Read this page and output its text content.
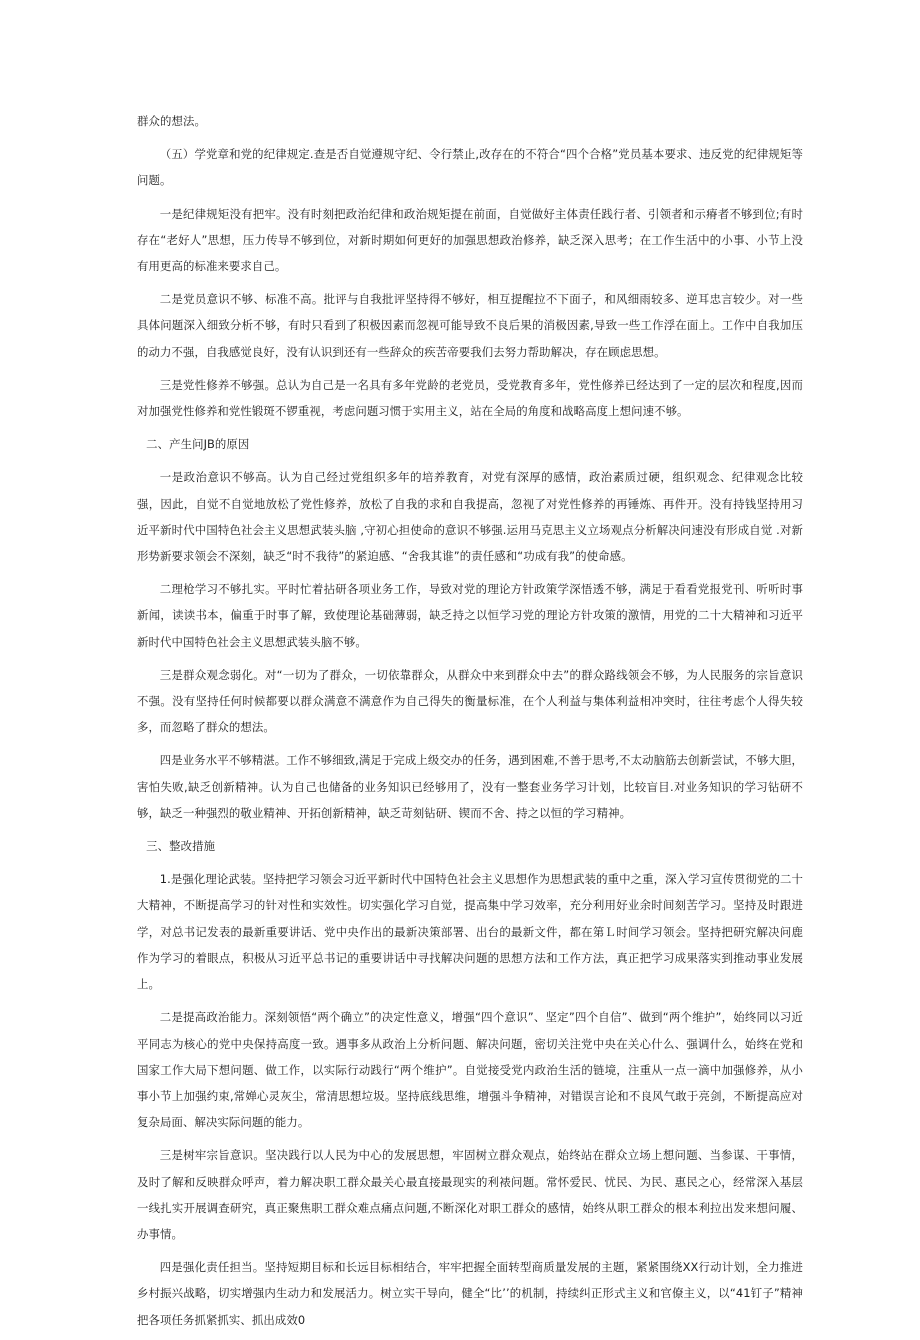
群众的想法。

（五）学党章和党的纪律规定.查是否自觉遵规守纪、令行禁止,改存在的不符合“四个合格”党员基本要求、违反党的纪律规矩等问题。

一是纪律规矩没有把牢。没有时刻把政治纪律和政治规矩提在前面，自觉做好主体责任践行者、引领者和示瘠者不够到位;有时存在“老好人”思想，压力传导不够到位，对新时期如何更好的加强思想政治修养，缺乏深入思考；在工作生活中的小事、小节上没有用更高的标准来要求自己。

二是党员意识不够、标准不高。批评与自我批评坚持得不够好，相互提醒拉不下面子，和风细雨较多、逆耳忠言较少。对一些具体问题深入细致分析不够，有时只看到了积极因素而忽视可能导致不良后果的消极因素,导致一些工作浮在面上。工作中自我加压的动力不强，自我感觉良好，没有认识到还有一些辞众的疾苦帝要我们去努力帮助解决，存在顾虑思想。

三是党性修养不够强。总认为自己是一名具有多年党龄的老党员，受党教育多年，党性修养已经达到了一定的层次和程度,因而对加强党性修养和党性锻斑不锣重视，考虑问题习惯于实用主义，站在全局的角度和战略高度上想问速不够。

二、产生问JB的原因

一是政治意识不够高。认为自己经过党组织多年的培养教育，对党有深厚的感情，政治素质过硬，组织观念、纪律观念比较强，因此，自觉不自觉地放松了党性修养，放松了自我的求和自我提高，忽视了对党性修养的再锤炼、再件开。没有持钱坚持用习近平新时代中国特色社会主义思想武装头脑 ,守初心担使命的意识不够强.运用马克思主义立场观点分析解决问速没有形成自觉 .对新形势新要求领会不深刻，缺乏“时不我待”的紧迫感、“舍我其谁”的责任感和“功成有我”的使命感。

二理枪学习不够扎实。平时忙着拈研各项业务工作，导致对党的理论方针政策学深悟透不够，满足于看看党报党刊、听听时事新闻，读读书本，偏重于时事了解，致使理论基础薄弱，缺乏持之以恒学习党的理论方针攻策的激情，用党的二十大精神和习近平新时代中国特色社会主义思想武装头脑不够。

三是群众观念弱化。对“一切为了群众，一切依靠群众，从群众中来到群众中去”的群众路线领会不够，为人民服务的宗旨意识不强。没有坚持任何时候都要以群众满意不满意作为自己得失的衡量标准，在个人利益与集体利益相冲突时，往往考虑个人得失较多，而忽略了群众的想法。

四是业务水平不够精湛。工作不够细致,满足于完成上级交办的任务，遇到困难,不善于思考,不太动脑筋去创新尝试，不够大胆，害怕失败,缺乏创新精神。认为自己也储备的业务知识已经够用了，没有一整套业务学习计划，比较盲目.对业务知识的学习钻研不够，缺乏一种强烈的敬业精神、开拓创新精神，缺乏苛刻钻研、锲而不舍、持之以恒的学习精神。

三、整改措施

1.是强化理论武装。坚持把学习领会习近平新时代中国特色社会主义思想作为思想武装的重中之重，深入学习宣传贯彻党的二十大精神，不断提高学习的针对性和实效性。切实强化学习自觉，提高集中学习效率，充分利用好业余时间刻苦学习。坚持及时跟进学，对总书记发表的最新重要讲话、党中央作出的最新决策部署、出台的最新文件，都在第Ｌ时间学习领会。坚持把研究解决问鹿作为学习的着眼点，积极从习近平总书记的重要讲话中寻找解决问题的思想方法和工作方法，真正把学习成果落实到推动事业发展上。

二是提高政治能力。深刻领悟“两个确立”的决定性意义，增强“四个意识”、坚定”四个自信”、做到“两个维护”，始终同以习近平同志为核心的党中央保持高度一致。遇事多从政治上分析问题、解决问题，密切关注党中央在关心什么、强调什么，始终在党和国家工作大局下想问题、做工作，以实际行动践行“两个维护”。自觉接受党内政治生活的链境，注重从一点一滴中加强修养，从小事小节上加强约束,常婵心灵灰尘，常清思想垃圾。坚持底线思维，增强斗争精神，对错误言论和不良风气敢于亮剑，不断提高应对复杂局面、解决实际问题的能力。

三是树牢宗旨意识。坚决践行以人民为中心的发展思想，牢固树立群众观点，始终站在群众立场上想问题、当参谋、干事情，及时了解和反映群众呼声，着力解决职工群众最关心最直接最现实的利裱问题。常怀爱民、忧民、为民、惠民之心，经常深入基层一线扎实开展调查研究，真正聚焦职工群众难点痛点问题,不断深化对职工群众的感情，始终从职工群众的根本利拉出发来想问履、办事情。

四是强化责任担当。坚持短期目标和长远目标相结合，牢牢把握全面转型商质量发展的主题，紧紧围绕XX行动计划，全力推进乡村振兴战略，切实增强内生动力和发展活力。树立实干导向，健全“比’’的机制，持续纠正形式主义和官僚主义，以“41钉子”精神把各项任务抓紧抓实、抓出成效0
